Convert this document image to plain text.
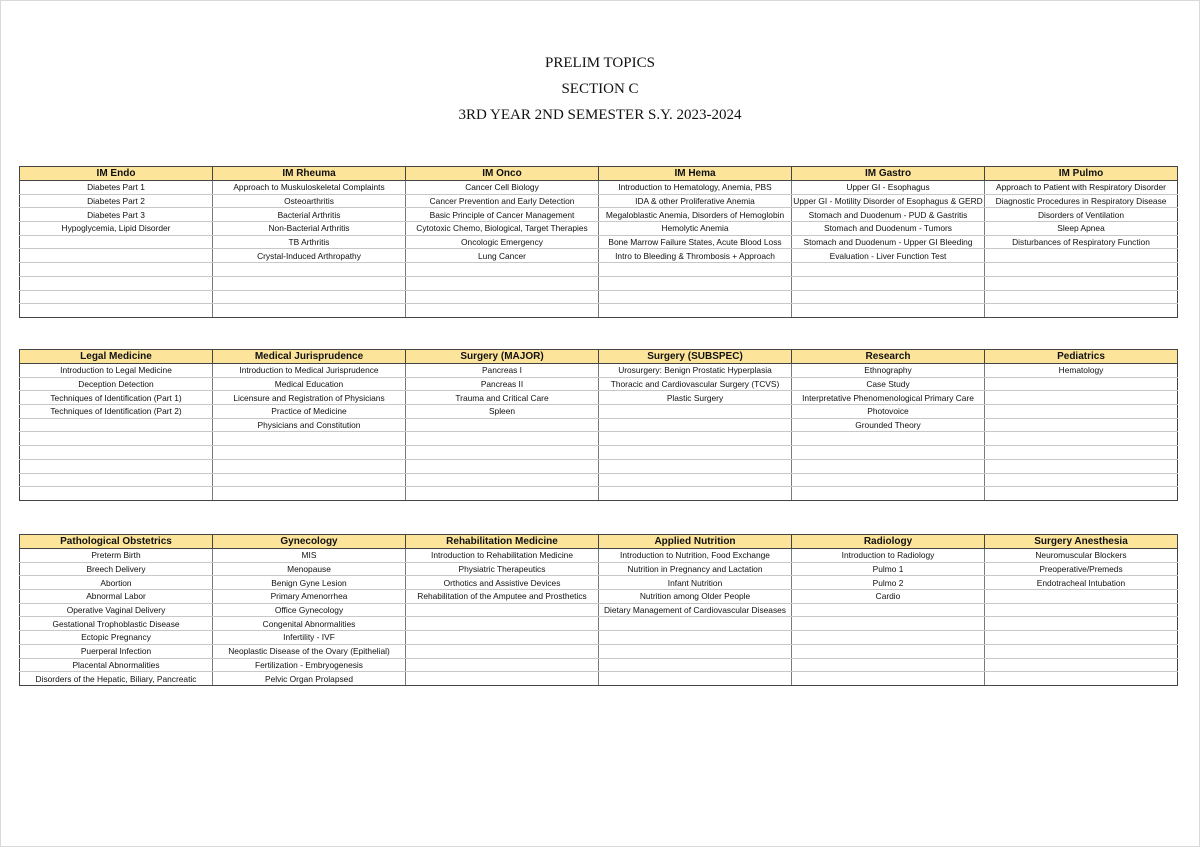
PRELIM TOPICS
SECTION C
3RD YEAR 2ND SEMESTER S.Y. 2023-2024
IM Endo	IM Rheuma	IM Onco	IM Hema	IM Gastro	IM Pulmo
Diabetes Part 1	Approach to Muskuloskeletal Complaints	Cancer Cell Biology	Introduction to Hematology, Anemia, PBS	Upper GI - Esophagus	Approach to Patient with Respiratory Disorder
Diabetes Part 2	Osteoarthritis	Cancer Prevention and Early Detection	IDA & other Proliferative Anemia	Upper GI - Motility Disorder of Esophagus & GERD	Diagnostic Procedures in Respiratory Disease
Diabetes Part 3	Bacterial Arthritis	Basic Principle of Cancer Management	Megaloblastic Anemia, Disorders of Hemoglobin	Stomach and Duodenum - PUD & Gastritis	Disorders of Ventilation
Hypoglycemia, Lipid Disorder	Non-Bacterial Arthritis	Cytotoxic Chemo, Biological, Target Therapies	Hemolytic Anemia	Stomach and Duodenum - Tumors	Sleep Apnea
	TB Arthritis	Oncologic Emergency	Bone Marrow Failure States, Acute Blood Loss	Stomach and Duodenum - Upper GI Bleeding	Disturbances of Respiratory Function
	Crystal-Induced Arthropathy	Lung Cancer	Intro to Bleeding & Thrombosis + Approach	Evaluation - Liver Function Test	

Legal Medicine	Medical Jurisprudence	Surgery (MAJOR)	Surgery (SUBSPEC)	Research	Pediatrics
Introduction to Legal Medicine	Introduction to Medical Jurisprudence	Pancreas I	Urosurgery: Benign Prostatic Hyperplasia	Ethnography	Hematology
Deception Detection	Medical Education	Pancreas II	Thoracic and Cardiovascular Surgery (TCVS)	Case Study	
Techniques of Identification (Part 1)	Licensure and Registration of Physicians	Trauma and Critical Care	Plastic Surgery	Interpretative Phenomenological Primary Care	
Techniques of Identification (Part 2)	Practice of Medicine	Spleen		Photovoice	
	Physicians and Constitution			Grounded Theory	

Pathological Obstetrics	Gynecology	Rehabilitation Medicine	Applied Nutrition	Radiology	Surgery Anesthesia
Preterm Birth	MIS	Introduction to Rehabilitation Medicine	Introduction to Nutrition, Food Exchange	Introduction to Radiology	Neuromuscular Blockers
Breech Delivery	Menopause	Physiatric Therapeutics	Nutrition in Pregnancy and Lactation	Pulmo 1	Preoperative/Premeds
Abortion	Benign Gyne Lesion	Orthotics and Assistive Devices	Infant Nutrition	Pulmo 2	Endotracheal Intubation
Abnormal Labor	Primary Amenorrhea	Rehabilitation of the Amputee and Prosthetics	Nutrition among Older People	Cardio	
Operative Vaginal Delivery	Office Gynecology		Dietary Management of Cardiovascular Diseases		
Gestational Trophoblastic Disease	Congenital Abnormalities				
Ectopic Pregnancy	Infertility - IVF				
Puerperal Infection	Neoplastic Disease of the Ovary (Epithelial)				
Placental Abnormalities	Fertilization - Embryogenesis				
Disorders of the Hepatic, Biliary, Pancreatic	Pelvic Organ Prolapsed				
